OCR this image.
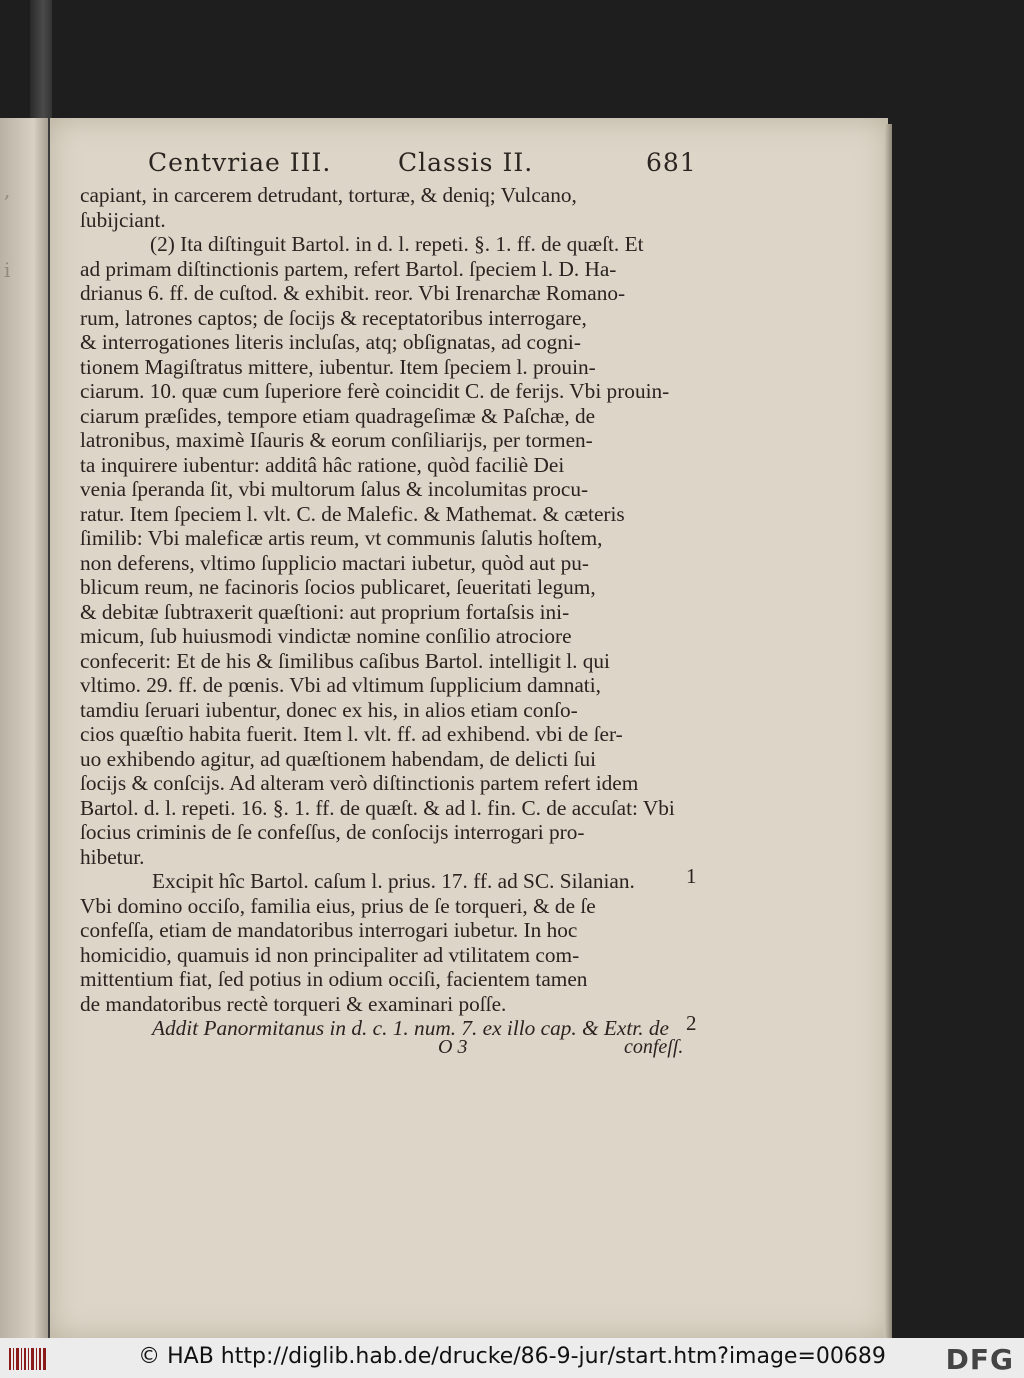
,
i
Centvriae III.	Classis II.	681
capiant, in carcerem detrudant, torturæ, & deniq; Vulcano,
ſubijciant.
(2) Ita diſtinguit Bartol. in d. l. repeti. §. 1. ff. de quæſt. Et
ad primam diſtinctionis partem, refert Bartol. ſpeciem l. D. Ha-
drianus 6. ff. de cuſtod. & exhibit. reor. Vbi Irenarchæ Romano-
rum, latrones captos; de ſocijs & receptatoribus interrogare,
& interrogationes literis incluſas, atq; obſignatas, ad cogni-
tionem Magiſtratus mittere, iubentur. Item ſpeciem l. prouin-
ciarum. 10. quæ cum ſuperiore ferè coincidit C. de ferijs. Vbi prouin-
ciarum præſides, tempore etiam quadrageſimæ & Paſchæ, de
latronibus, maximè Iſauris & eorum conſiliarijs, per tormen-
ta inquirere iubentur: additâ hâc ratione, quòd faciliè Dei
venia ſperanda ſit, vbi multorum ſalus & incolumitas procu-
ratur. Item ſpeciem l. vlt. C. de Malefic. & Mathemat. & cæteris
ſimilib: Vbi maleficæ artis reum, vt communis ſalutis hoſtem,
non deferens, vltimo ſupplicio mactari iubetur, quòd aut pu-
blicum reum, ne facinoris ſocios publicaret, ſeueritati legum,
& debitæ ſubtraxerit quæſtioni: aut proprium fortaſsis ini-
micum, ſub huiusmodi vindictæ nomine conſilio atrociore
confecerit: Et de his & ſimilibus caſibus Bartol. intelligit l. qui
vltimo. 29. ff. de pœnis. Vbi ad vltimum ſupplicium damnati,
tamdiu ſeruari iubentur, donec ex his, in alios etiam conſo-
cios quæſtio habita fuerit. Item l. vlt. ff. ad exhibend. vbi de ſer-
uo exhibendo agitur, ad quæſtionem habendam, de delicti ſui
ſocijs & conſcijs. Ad alteram verò diſtinctionis partem refert idem
Bartol. d. l. repeti. 16. §. 1. ff. de quæſt. & ad l. fin. C. de accuſat: Vbi
ſocius criminis de ſe confeſſus, de conſocijs interrogari pro-
hibetur.
Excipit hîc Bartol. caſum l. prius. 17. ff. ad SC. Silanian.
Vbi domino occiſo, familia eius, prius de ſe torqueri, & de ſe
confeſſa, etiam de mandatoribus interrogari iubetur. In hoc
homicidio, quamuis id non principaliter ad vtilitatem com-
mittentium fiat, ſed potius in odium occiſi, facientem tamen
de mandatoribus rectè torqueri & examinari poſſe.
Addit Panormitanus in d. c. 1. num. 7. ex illo cap. & Extr. de
1
2
O 3	confeſſ.
© HAB http://diglib.hab.de/drucke/86-9-jur/start.htm?image=00689	DFG
